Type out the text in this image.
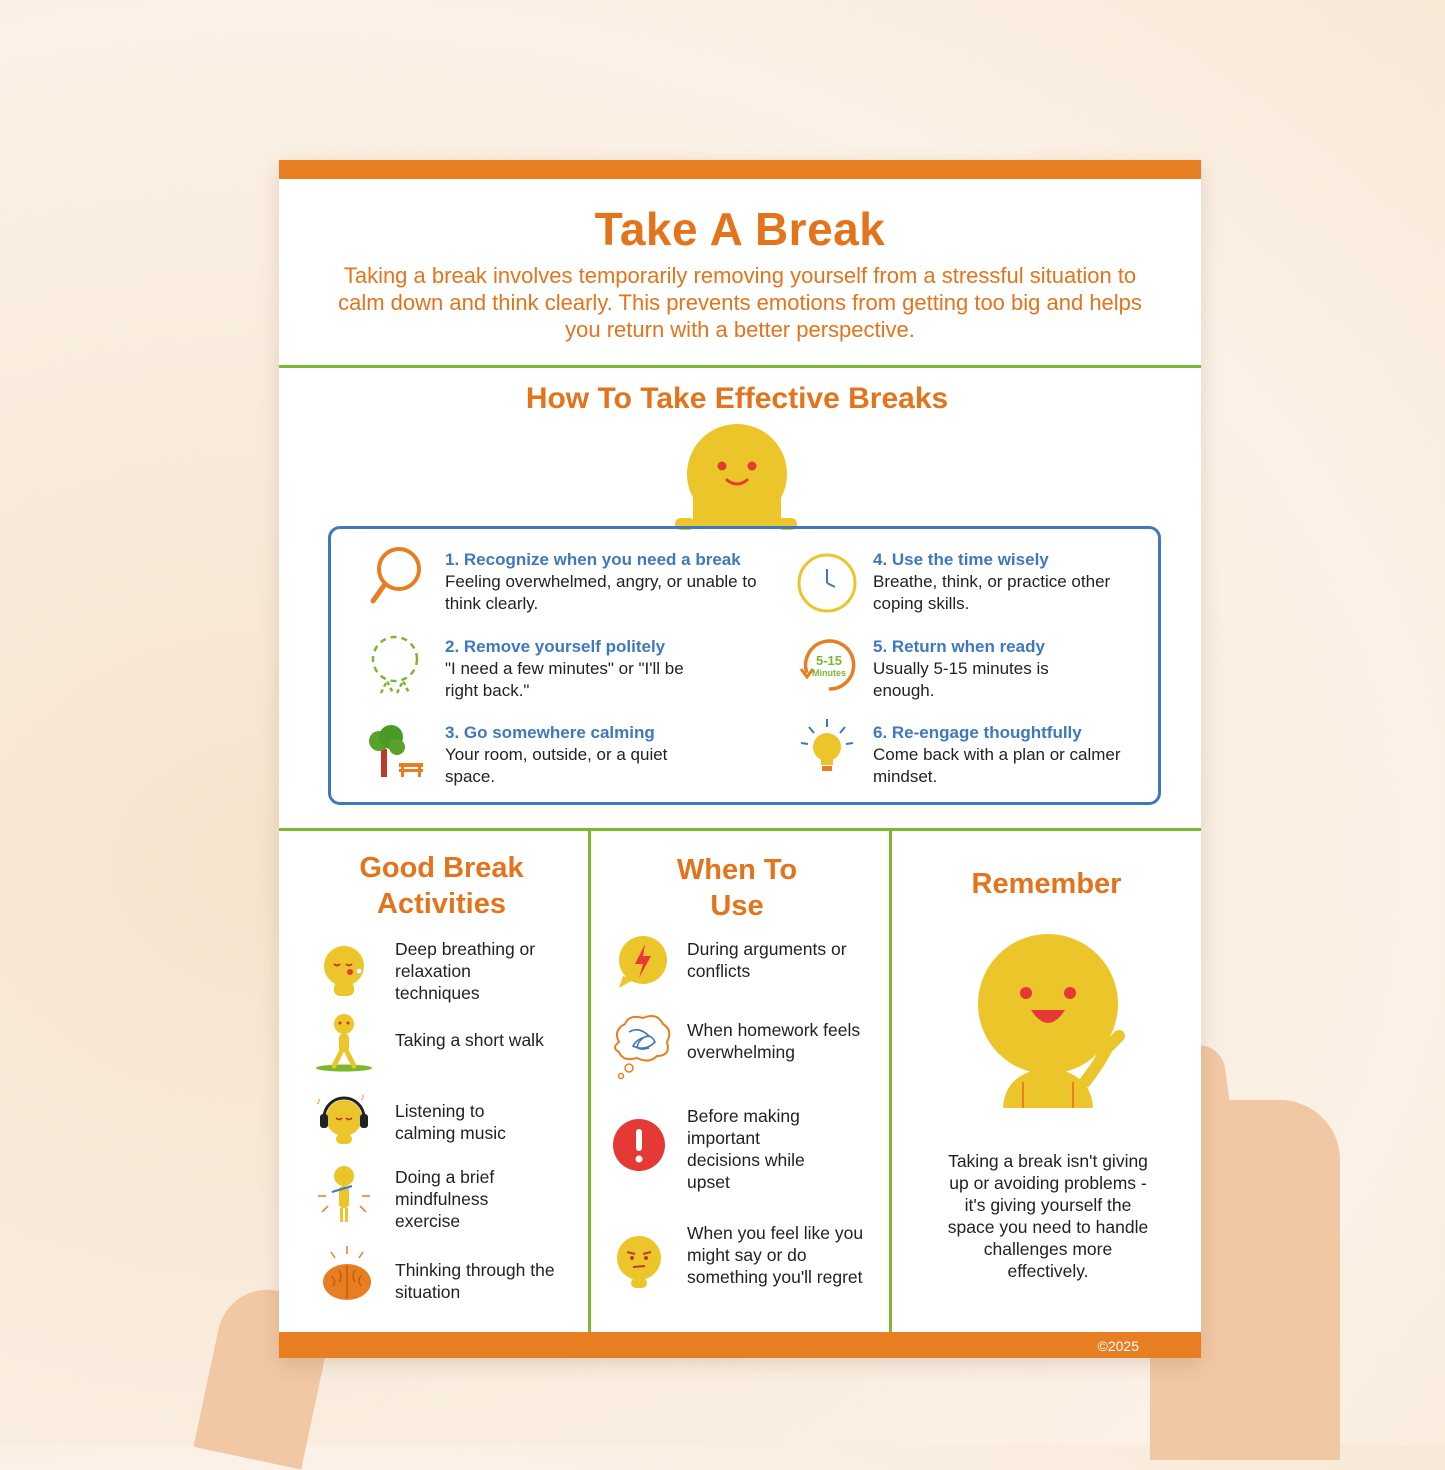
Take A Break
Taking a break involves temporarily removing yourself from a stressful situation to calm down and think clearly. This prevents emotions from getting too big and helps you return with a better perspective.
How To Take Effective Breaks
1. Recognize when you need a break
Feeling overwhelmed, angry, or unable to think clearly.
2. Remove yourself politely
"I need a few minutes" or "I'll be right back."
3. Go somewhere calming
Your room, outside, or a quiet space.
4. Use the time wisely
Breathe, think, or practice other coping skills.
5-15
Minutes
5. Return when ready
Usually 5-15 minutes is enough.
6. Re-engage thoughtfully
Come back with a plan or calmer mindset.
Good Break
Activities
Deep breathing or relaxation techniques
Taking a short walk
♪	♪
Listening to calming music
Doing a brief mindfulness exercise
Thinking through the situation
When To
Use
During arguments or conflicts
When homework feels overwhelming
Before making important decisions while upset
When you feel like you might say or do something you'll regret
Remember
Taking a break isn't giving up or avoiding problems - it's giving yourself the space you need to handle challenges more effectively.
©2025
